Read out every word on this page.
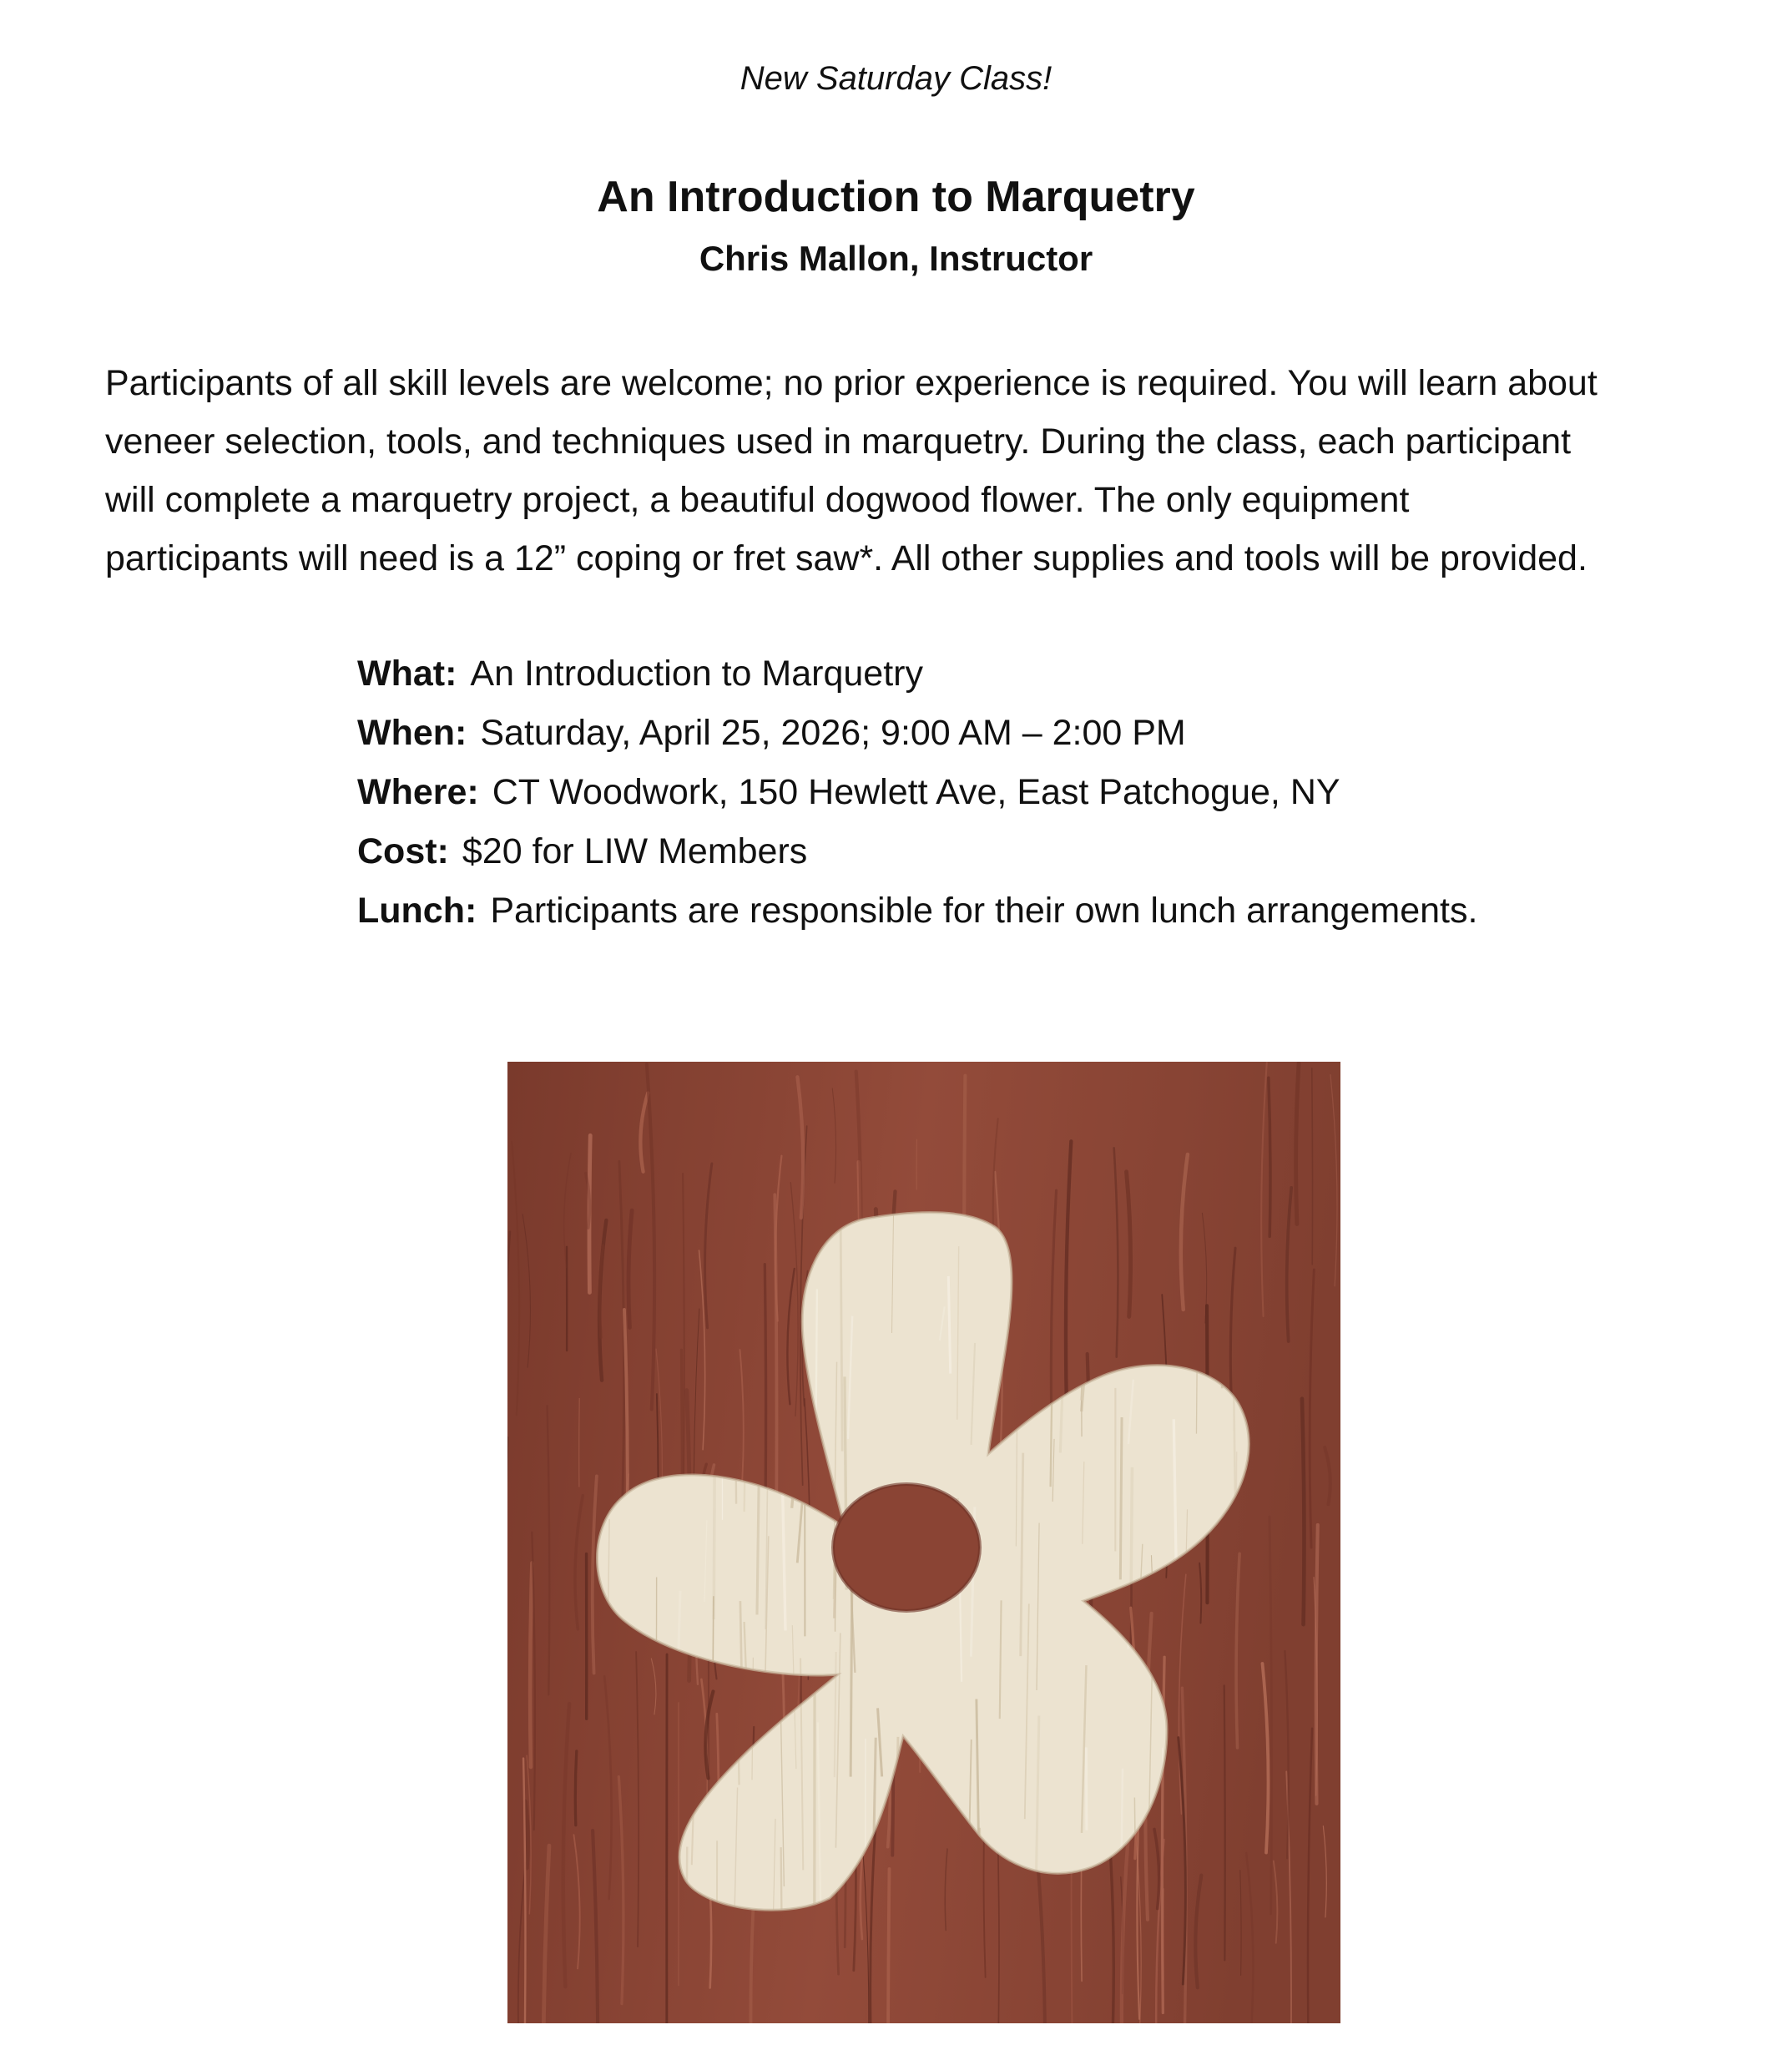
New Saturday Class!
An Introduction to Marquetry
Chris Mallon, Instructor

Participants of all skill levels are welcome; no prior experience is required. You will learn about
veneer selection, tools, and techniques used in marquetry. During the class, each participant
will complete a marquetry project, a beautiful dogwood flower. The only equipment
participants will need is a 12” coping or fret saw*. All other supplies and tools will be provided.

What: An Introduction to Marquetry
When: Saturday, April 25, 2026; 9:00 AM – 2:00 PM
Where: CT Woodwork, 150 Hewlett Ave, East Patchogue, NY
Cost: $20 for LIW Members
Lunch: Participants are responsible for their own lunch arrangements.
